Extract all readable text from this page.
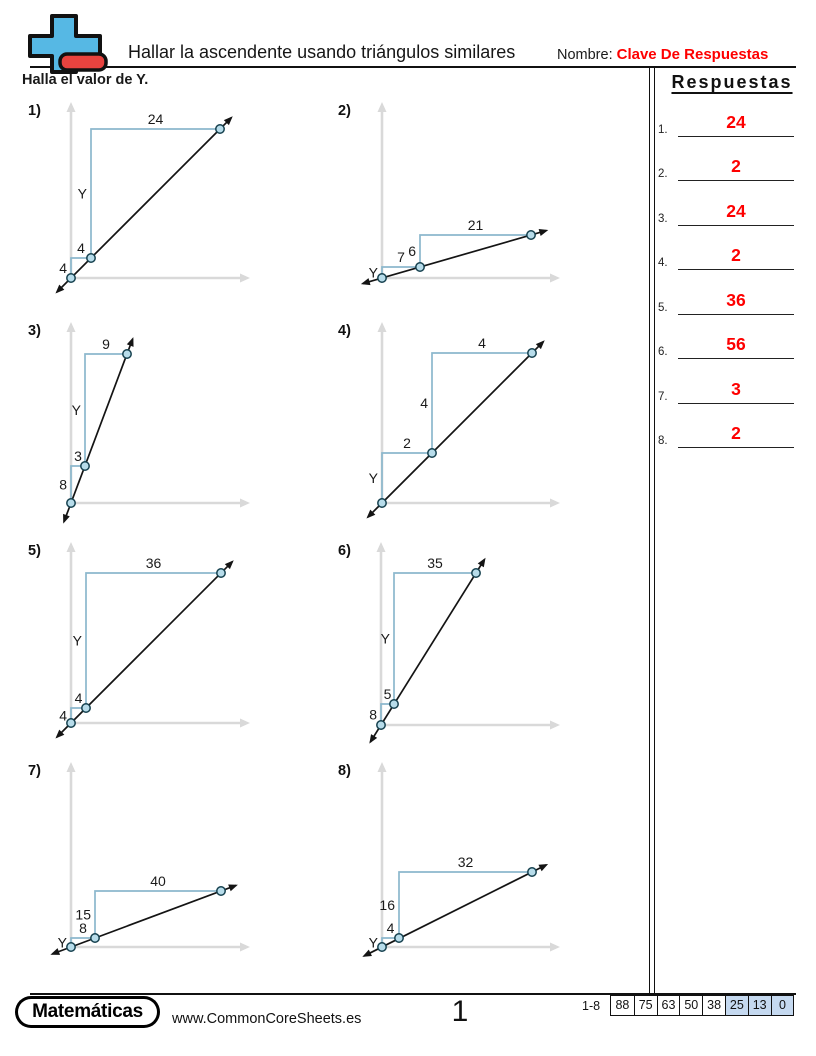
Hallar la ascendente usando triángulos similares	Nombre: Clave De Respuestas
Halla el valor de Y.
1)
4
4
Y
24	2)
Y
7 6
21
3)
8
3
Y
9
4)
Y
2
4
4
5)
4
4
Y
36
6)
8
5
Y
35
7)
Y
8
15
40
8)
Y
4
16
32
Respuestas
1.	24
2.	2
3.	24
4.	2
5.	36
6.	56
7.	3
8.	2
Matemáticas	www.CommonCoreSheets.es	1	1-8	88 75 63 50 38 25 13 0
